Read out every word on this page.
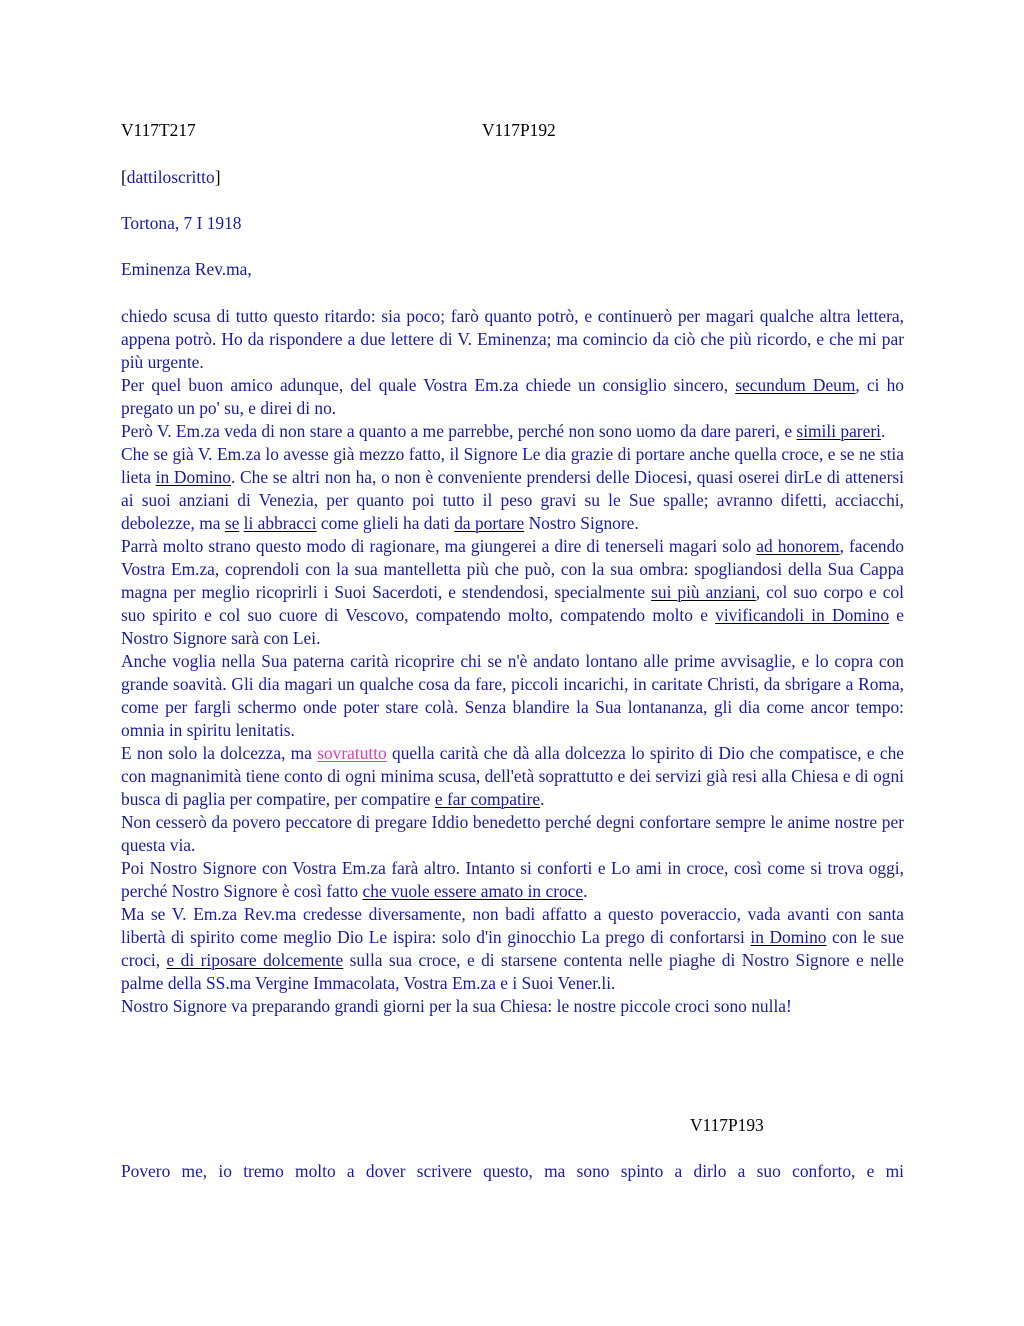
V117T217	V117P192

[dattiloscritto]

Tortona, 7 I 1918
Eminenza Rev.ma,

chiedo scusa di tutto questo ritardo: sia poco; farò quanto potrò, e continuerò per magari qualche altra lettera, appena potrò. Ho da rispondere a due lettere di V. Eminenza; ma comincio da ciò che più ricordo, e che mi par più urgente.

Per quel buon amico adunque, del quale Vostra Em.za chiede un consiglio sincero, secundum Deum, ci ho pregato un po' su, e direi di no.

Però V. Em.za veda di non stare a quanto a me parrebbe, perché non sono uomo da dare pareri, e simili pareri.

Che se già V. Em.za lo avesse già mezzo fatto, il Signore Le dia grazie di portare anche quella croce, e se ne stia lieta in Domino. Che se altri non ha, o non è conveniente prendersi delle Diocesi, quasi oserei dirLe di attenersi ai suoi anziani di Venezia, per quanto poi tutto il peso gravi su le Sue spalle; avranno difetti, acciacchi, debolezze, ma se li abbracci come glieli ha dati da portare Nostro Signore.

Parrà molto strano questo modo di ragionare, ma giungerei a dire di tenerseli magari solo ad honorem, facendo Vostra Em.za, coprendoli con la sua mantelletta più che può, con la sua ombra: spogliandosi della Sua Cappa magna per meglio ricoprirli i Suoi Sacerdoti, e stendendosi, specialmente sui più anziani, col suo corpo e col suo spirito e col suo cuore di Vescovo, compatendo molto, compatendo molto e vivificandoli in Domino e Nostro Signore sarà con Lei.

Anche voglia nella Sua paterna carità ricoprire chi se n'è andato lontano alle prime avvisaglie, e lo copra con grande soavità. Gli dia magari un qualche cosa da fare, piccoli incarichi, in caritate Christi, da sbrigare a Roma, come per fargli schermo onde poter stare colà. Senza blandire la Sua lontananza, gli dia come ancor tempo: omnia in spiritu lenitatis.

E non solo la dolcezza, ma sovratutto quella carità che dà alla dolcezza lo spirito di Dio che compatisce, e che con magnanimità tiene conto di ogni minima scusa, dell'età soprattutto e dei servizi già resi alla Chiesa e di ogni busca di paglia per compatire, per compatire e far compatire.

Non cesserò da povero peccatore di pregare Iddio benedetto perché degni confortare sempre le anime nostre per questa via.

Poi Nostro Signore con Vostra Em.za farà altro. Intanto si conforti e Lo ami in croce, così come si trova oggi, perché Nostro Signore è così fatto che vuole essere amato in croce.

Ma se V. Em.za Rev.ma credesse diversamente, non badi affatto a questo poveraccio, vada avanti con santa libertà di spirito come meglio Dio Le ispira: solo d'in ginocchio La prego di confortarsi in Domino con le sue croci, e di riposare dolcemente sulla sua croce, e di starsene contenta nelle piaghe di Nostro Signore e nelle palme della SS.ma Vergine Immacolata, Vostra Em.za e i Suoi Vener.li.

Nostro Signore va preparando grandi giorni per la sua Chiesa: le nostre piccole croci sono nulla!

V117P193

Povero me, io tremo molto a dover scrivere questo, ma sono spinto a dirlo a suo conforto, e mi
